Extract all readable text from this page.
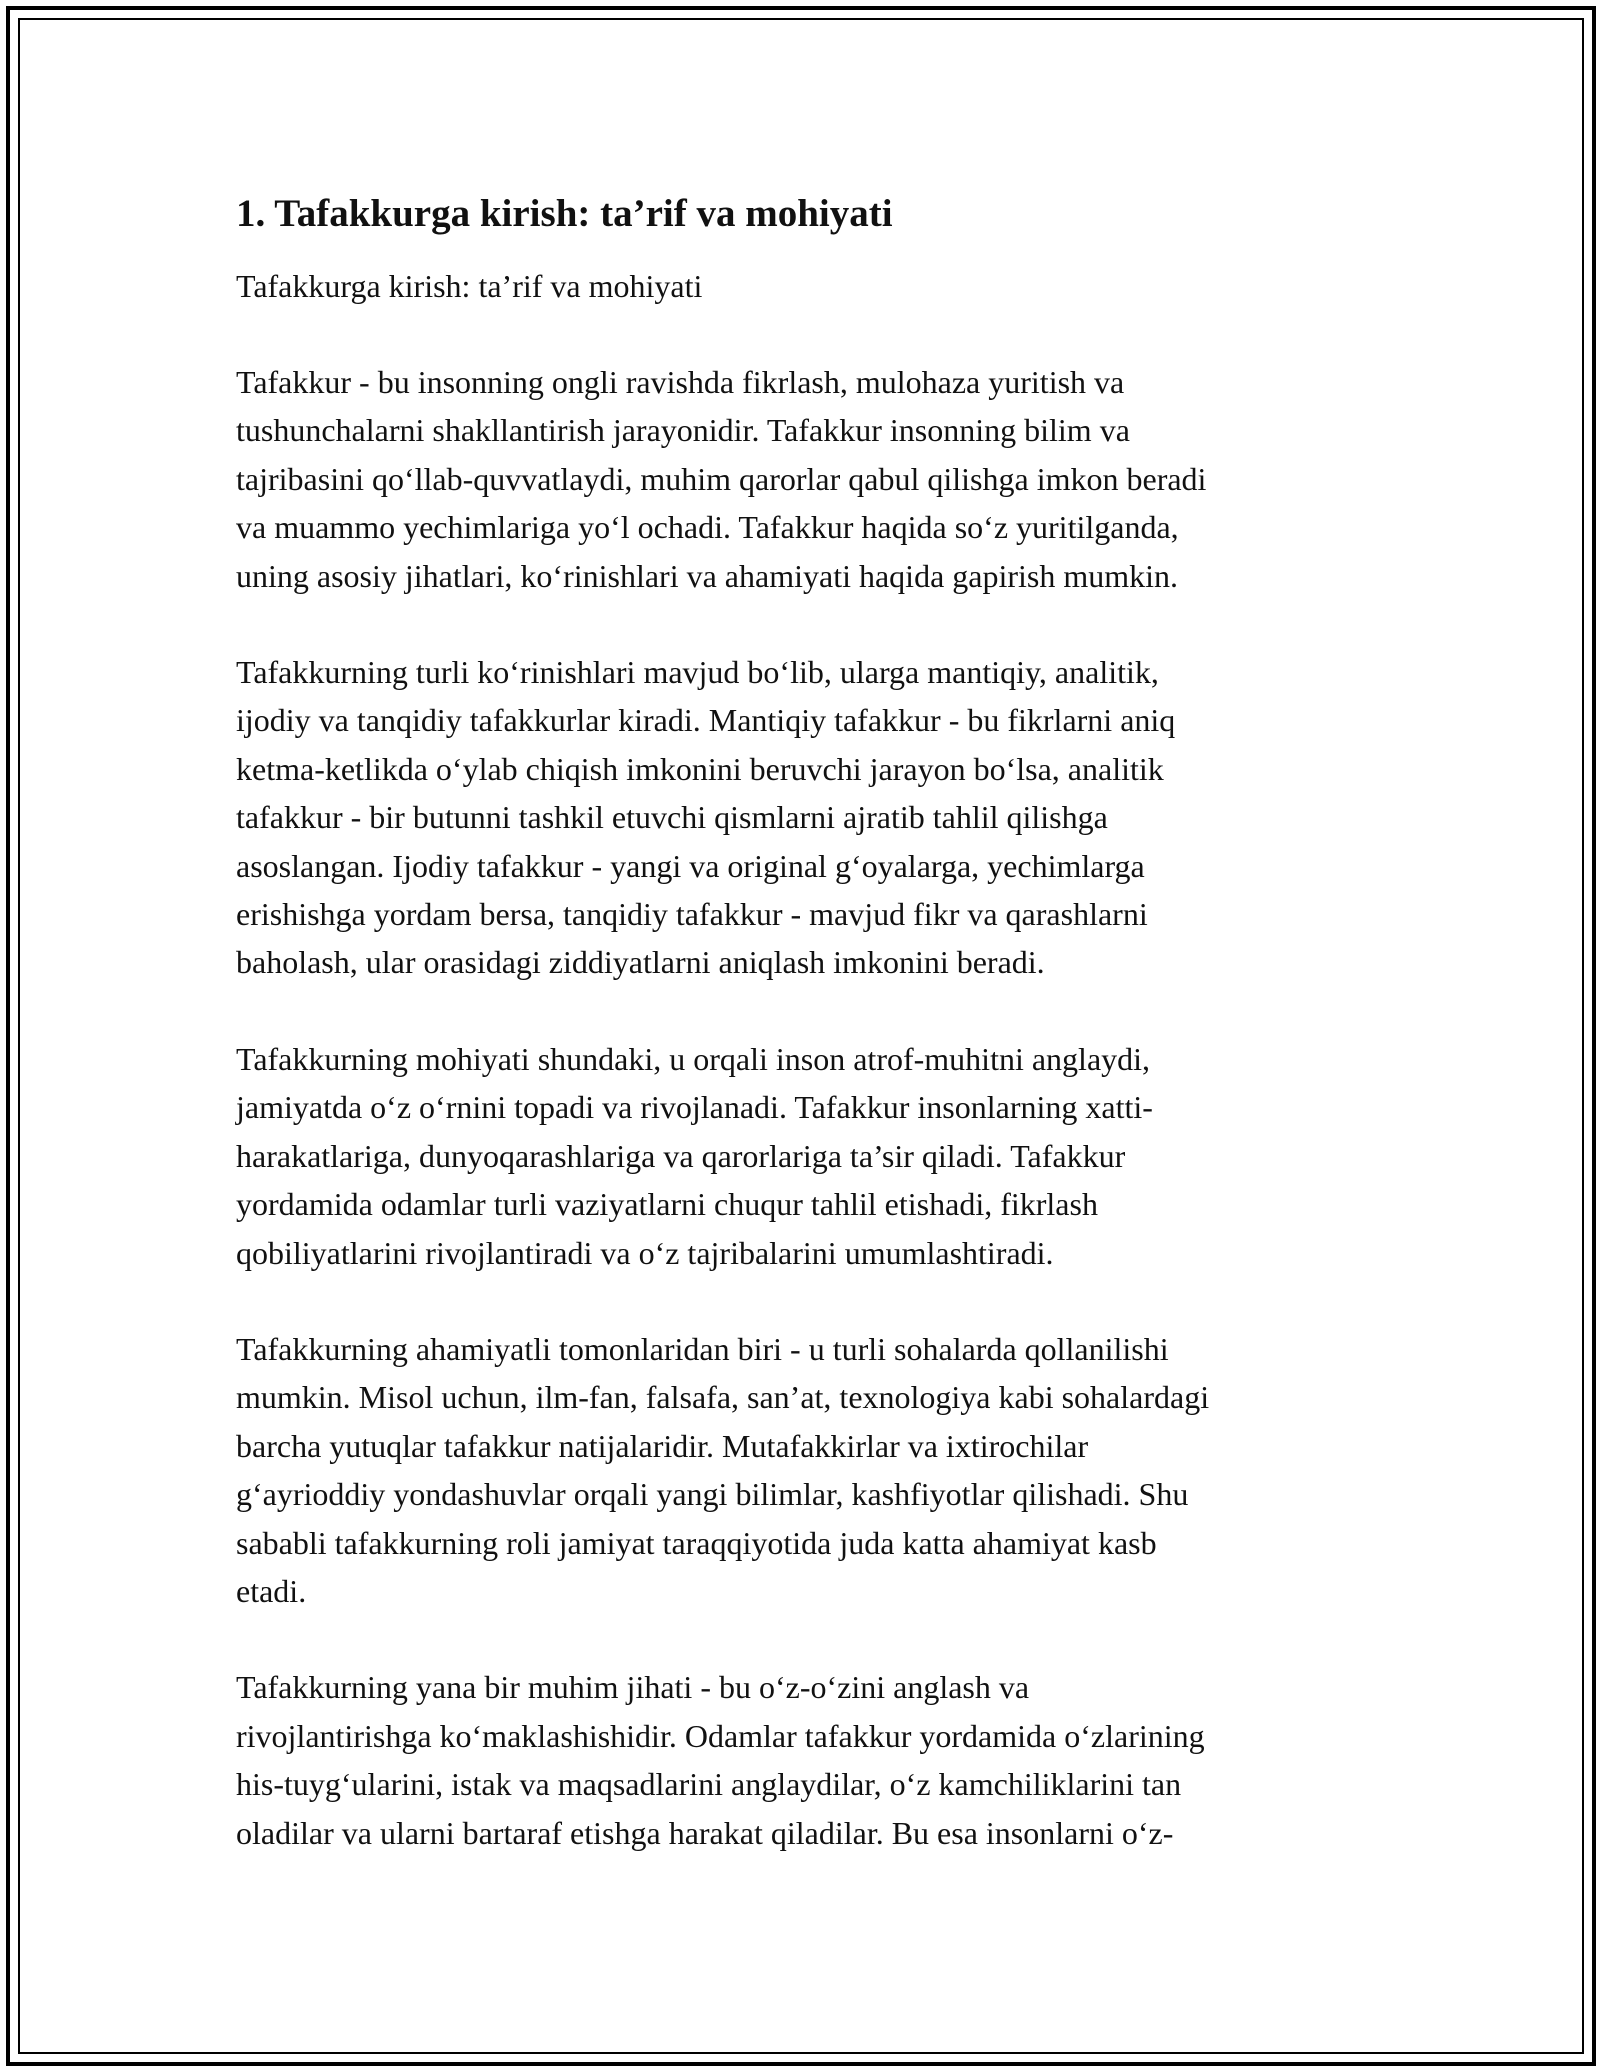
1. Tafakkurga kirish: ta’rif va mohiyati
Tafakkurga kirish: ta’rif va mohiyati
Tafakkur - bu insonning ongli ravishda fikrlash, mulohaza yuritish va
tushunchalarni shakllantirish jarayonidir. Tafakkur insonning bilim va
tajribasini qo‘llab-quvvatlaydi, muhim qarorlar qabul qilishga imkon beradi
va muammo yechimlariga yo‘l ochadi. Tafakkur haqida so‘z yuritilganda,
uning asosiy jihatlari, ko‘rinishlari va ahamiyati haqida gapirish mumkin.
Tafakkurning turli ko‘rinishlari mavjud bo‘lib, ularga mantiqiy, analitik,
ijodiy va tanqidiy tafakkurlar kiradi. Mantiqiy tafakkur - bu fikrlarni aniq
ketma-ketlikda o‘ylab chiqish imkonini beruvchi jarayon bo‘lsa, analitik
tafakkur - bir butunni tashkil etuvchi qismlarni ajratib tahlil qilishga
asoslangan. Ijodiy tafakkur - yangi va original g‘oyalarga, yechimlarga
erishishga yordam bersa, tanqidiy tafakkur - mavjud fikr va qarashlarni
baholash, ular orasidagi ziddiyatlarni aniqlash imkonini beradi.
Tafakkurning mohiyati shundaki, u orqali inson atrof-muhitni anglaydi,
jamiyatda o‘z o‘rnini topadi va rivojlanadi. Tafakkur insonlarning xatti-
harakatlariga, dunyoqarashlariga va qarorlariga ta’sir qiladi. Tafakkur
yordamida odamlar turli vaziyatlarni chuqur tahlil etishadi, fikrlash
qobiliyatlarini rivojlantiradi va o‘z tajribalarini umumlashtiradi.
Tafakkurning ahamiyatli tomonlaridan biri - u turli sohalarda qollanilishi
mumkin. Misol uchun, ilm-fan, falsafa, san’at, texnologiya kabi sohalardagi
barcha yutuqlar tafakkur natijalaridir. Mutafakkirlar va ixtirochilar
g‘ayrioddiy yondashuvlar orqali yangi bilimlar, kashfiyotlar qilishadi. Shu
sababli tafakkurning roli jamiyat taraqqiyotida juda katta ahamiyat kasb
etadi.
Tafakkurning yana bir muhim jihati - bu o‘z-o‘zini anglash va
rivojlantirishga ko‘maklashishidir. Odamlar tafakkur yordamida o‘zlarining
his-tuyg‘ularini, istak va maqsadlarini anglaydilar, o‘z kamchiliklarini tan
oladilar va ularni bartaraf etishga harakat qiladilar. Bu esa insonlarni o‘z-
